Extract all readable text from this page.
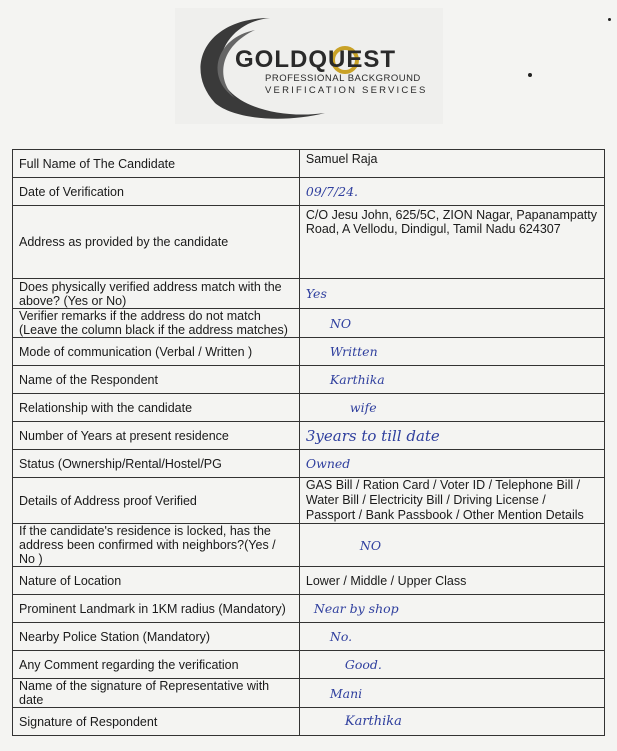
GOLDQUEST
PROFESSIONAL BACKGROUND
VERIFICATION SERVICES
Full Name of The Candidate	Samuel Raja
Date of Verification	09/7/24.
Address as provided by the candidate	C/O Jesu John, 625/5C, ZION Nagar, Papanampatty Road, A Vellodu, Dindigul, Tamil Nadu 624307
Does physically verified address match with the above? (Yes or No)	Yes
Verifier remarks if the address do not match (Leave the column black if the address matches)	NO
Mode of communication (Verbal / Written )	Written
Name of the Respondent	Karthika
Relationship with the candidate	wife
Number of Years at present residence	3years to till date
Status (Ownership/Rental/Hostel/PG	Owned
Details of Address proof Verified	GAS Bill / Ration Card / Voter ID / Telephone Bill / Water Bill / Electricity Bill / Driving License / Passport / Bank Passbook / Other Mention Details
If the candidate's residence is locked, has the address been confirmed with neighbors?(Yes / No )	NO
Nature of Location	Lower / Middle / Upper Class
Prominent Landmark in 1KM radius (Mandatory)	Near by shop
Nearby Police Station (Mandatory)	No.
Any Comment regarding the verification	Good.
Name of the signature of Representative with date	Mani
Signature of Respondent	Karthika
